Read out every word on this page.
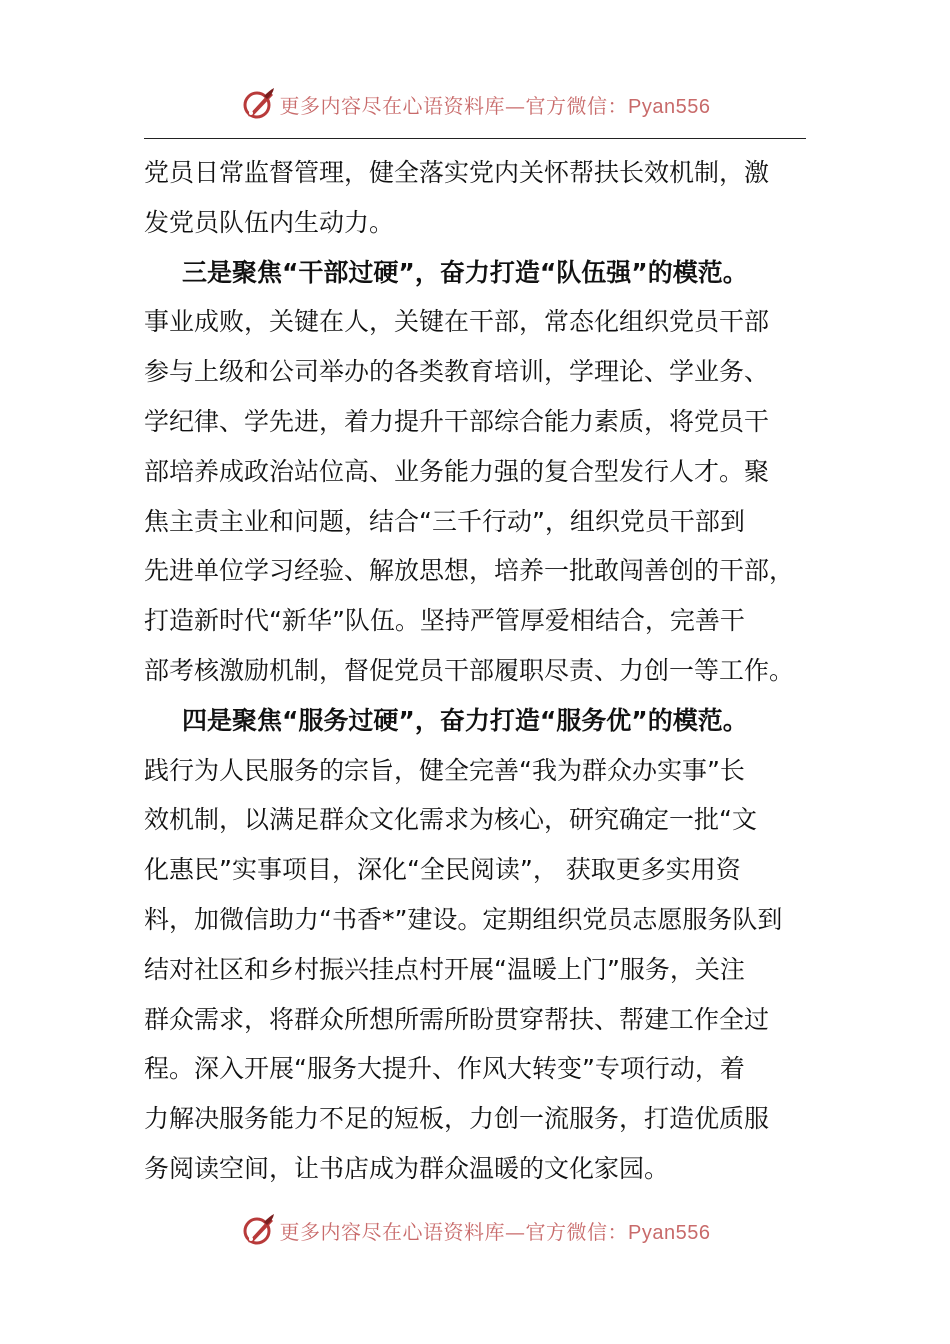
更多内容尽在心语资料库—官方微信：Pyan556
党员日常监督管理，健全落实党内关怀帮扶长效机制，激
发党员队伍内生动力。
三是聚焦“干部过硬”，奋力打造“队伍强”的模范。
事业成败，关键在人，关键在干部，常态化组织党员干部
参与上级和公司举办的各类教育培训，学理论、学业务、
学纪律、学先进，着力提升干部综合能力素质，将党员干
部培养成政治站位高、业务能力强的复合型发行人才。聚
焦主责主业和问题，结合“三千行动”，组织党员干部到
先进单位学习经验、解放思想，培养一批敢闯善创的干部，
打造新时代“新华”队伍。坚持严管厚爱相结合，完善干
部考核激励机制，督促党员干部履职尽责、力创一等工作。
四是聚焦“服务过硬”，奋力打造“服务优”的模范。
践行为人民服务的宗旨，健全完善“我为群众办实事”长
效机制，以满足群众文化需求为核心，研究确定一批“文
化惠民”实事项目，深化“全民阅读”， 获取更多实用资
料，加微信助力“书香*”建设。定期组织党员志愿服务队到
结对社区和乡村振兴挂点村开展“温暖上门”服务，关注
群众需求，将群众所想所需所盼贯穿帮扶、帮建工作全过
程。深入开展“服务大提升、作风大转变”专项行动，着
力解决服务能力不足的短板，力创一流服务，打造优质服
务阅读空间，让书店成为群众温暖的文化家园。
更多内容尽在心语资料库—官方微信：Pyan556
